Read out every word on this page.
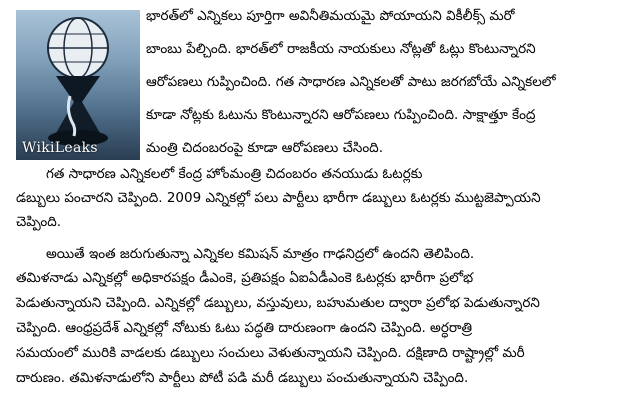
WikiLeaks
భారత్‌లో ఎన్నికలు పూర్తిగా అవినీతిమయమై పోయాయని వికీలీక్స్ మరో
బాంబు పేల్చింది. భారత్‌లో రాజకీయ నాయకులు నోట్లతో ఓట్లు కొంటున్నారని
ఆరోపణలు గుప్పించింది. గత సాధారణ ఎన్నికలతో పాటు జరగబోయే ఎన్నికలలో
కూడా నోట్లకు ఓటును కొంటున్నారని ఆరోపణలు గుప్పించింది. సాక్షాత్తూ కేంద్ర
మంత్రి చిదంబరంపై కూడా ఆరోపణలు చేసింది.
గత సాధారణ ఎన్నికలలో కేంద్ర హోంమంత్రి చిదంబరం తనయుడు ఓటర్లకు
డబ్బులు పంచారని చెప్పింది. 2009 ఎన్నికల్లో పలు పార్టీలు భారీగా డబ్బులు ఓటర్లకు ముట్టజెప్పాయని
చెప్పింది.
అయితే ఇంత జరుగుతున్నా ఎన్నికల కమిషన్ మాత్రం గాఢనిద్రలో ఉందని తెలిపింది.
తమిళనాడు ఎన్నికల్లో అధికారపక్షం డీఎంకె, ప్రతిపక్షం ఏఐఏడీఎంకె ఓటర్లకు భారీగా ప్రలోభ
పెడుతున్నాయని చెప్పింది. ఎన్నికల్లో డబ్బులు, వస్తువులు, బహుమతుల ద్వారా ప్రలోభ పెడుతున్నారని
చెప్పింది. ఆంధ్రప్రదేశ్ ఎన్నికల్లో నోటుకు ఓటు పద్ధతి దారుణంగా ఉందని చెప్పింది. అర్ధరాత్రి
సమయంలో మురికి వాడలకు డబ్బులు సంచులు వెళుతున్నాయని చెప్పింది. దక్షిణాది రాష్ట్రాల్లో మరీ
దారుణం. తమిళనాడులోని పార్టీలు పోటీ పడి మరీ డబ్బులు పంచుతున్నాయని చెప్పింది.
